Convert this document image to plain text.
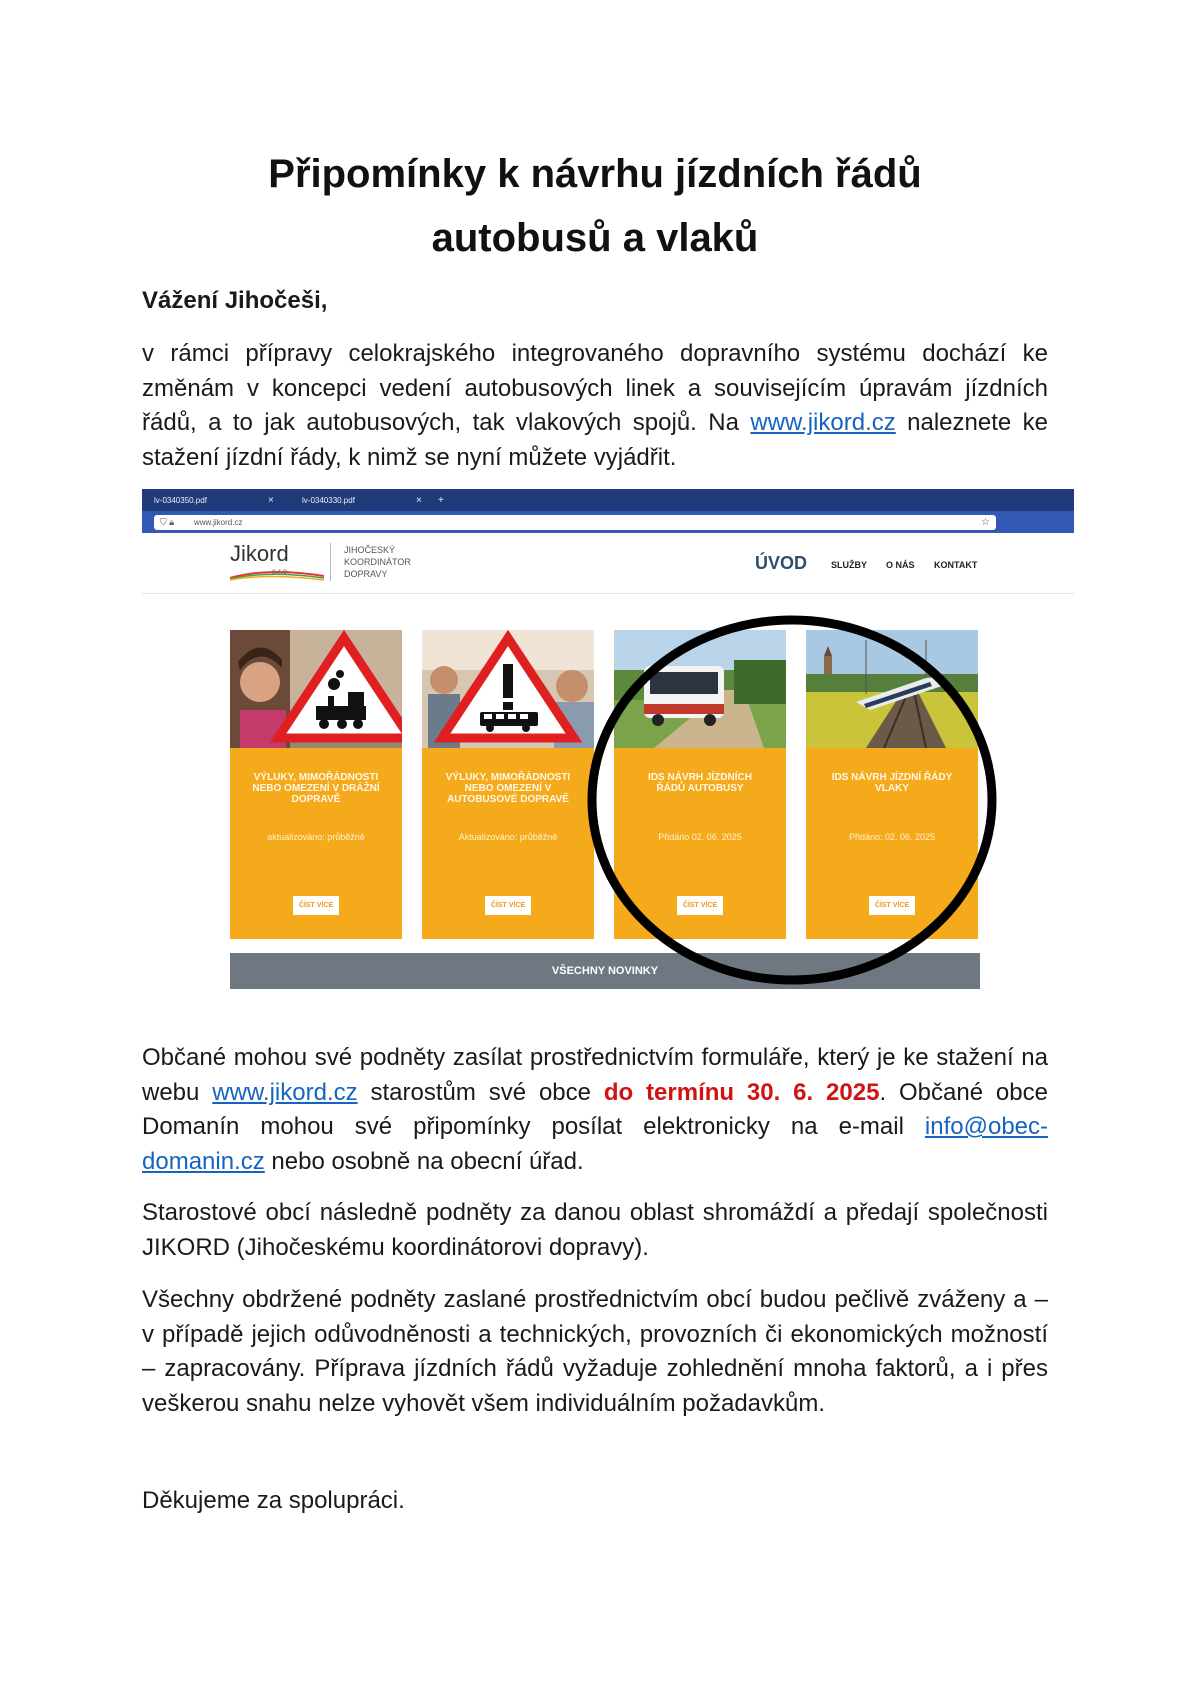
Připomínky k návrhu jízdních řádů
autobusů a vlaků
Vážení Jihočeši,
v rámci přípravy celokrajského integrovaného dopravního systému dochází ke změnám v koncepci vedení autobusových linek a souvisejícím úpravám jízdních řádů, a to jak autobusových, tak vlakových spojů. Na www.jikord.cz naleznete ke stažení jízdní řády, k nimž se nyní můžete vyjádřit.
lv-0340350.pdf	×	lv-0340330.pdf	× +
⛉ 🔒︎ www.jikord.cz	☆
Jikord
s.r.o.
JIHOČESKÝ
KOORDINÁTOR
DOPRAVY
ÚVOD	SLUŽBY O NÁS KONTAKT
VÝLUKY, MIMOŘÁDNOSTI
NEBO OMEZENÍ V DRÁŽNÍ
DOPRAVĚ
aktualizováno: průběžně
ČÍST VÍCE
VÝLUKY, MIMOŘÁDNOSTI
NEBO OMEZENÍ V
AUTOBUSOVÉ DOPRAVĚ
Aktualizováno: průběžně
ČÍST VÍCE
IDS NÁVRH JÍZDNÍCH
ŘÁDŮ AUTOBUSY
Přidáno 02. 06. 2025
ČÍST VÍCE
IDS NÁVRH JÍZDNÍ ŘÁDY
VLAKY
Přidáno: 02. 06. 2025
ČÍST VÍCE
VŠECHNY NOVINKY
Občané mohou své podněty zasílat prostřednictvím formuláře, který je ke stažení na webu www.jikord.cz starostům své obce do termínu 30. 6. 2025. Občané obce Domanín mohou své připomínky posílat elektronicky na e-mail info@obec-domanin.cz nebo osobně na obecní úřad.
Starostové obcí následně podněty za danou oblast shromáždí a předají společnosti JIKORD (Jihočeskému koordinátorovi dopravy).
Všechny obdržené podněty zaslané prostřednictvím obcí budou pečlivě zváženy a – v případě jejich odůvodněnosti a technických, provozních či ekonomických možností – zapracovány. Příprava jízdních řádů vyžaduje zohlednění mnoha faktorů, a i přes veškerou snahu nelze vyhovět všem individuálním požadavkům.
Děkujeme za spolupráci.
